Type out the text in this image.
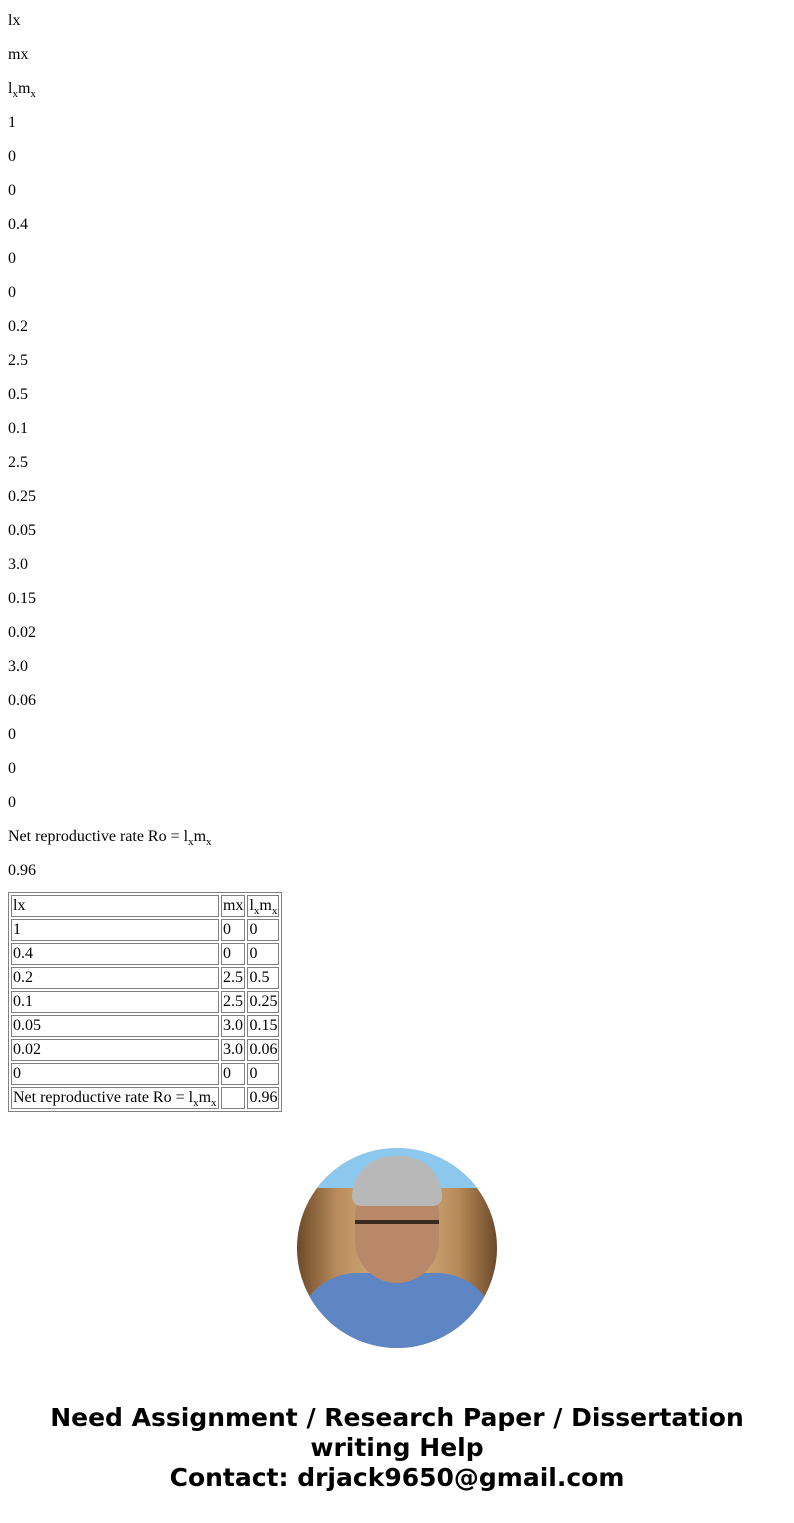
lx

mx

$l_xm_x$

1

0

0

0.4

0

0

0.2

2.5

0.5

0.1

2.5

0.25

0.05

3.0

0.15

0.02

3.0

0.06

0

0

0

Net reproductive rate $Ro = l_xm_x$

0.96

lx	mx	$l_xm_x$
1	0	0
0.4	0	0
0.2	2.5	0.5
0.1	2.5	0.25
0.05	3.0	0.15
0.02	3.0	0.06
0	0	0
Net reproductive rate $Ro = l_xm_x$		0.96
Need Assignment / Research Paper / Dissertation
writing Help
Contact: drjack9650@gmail.com
